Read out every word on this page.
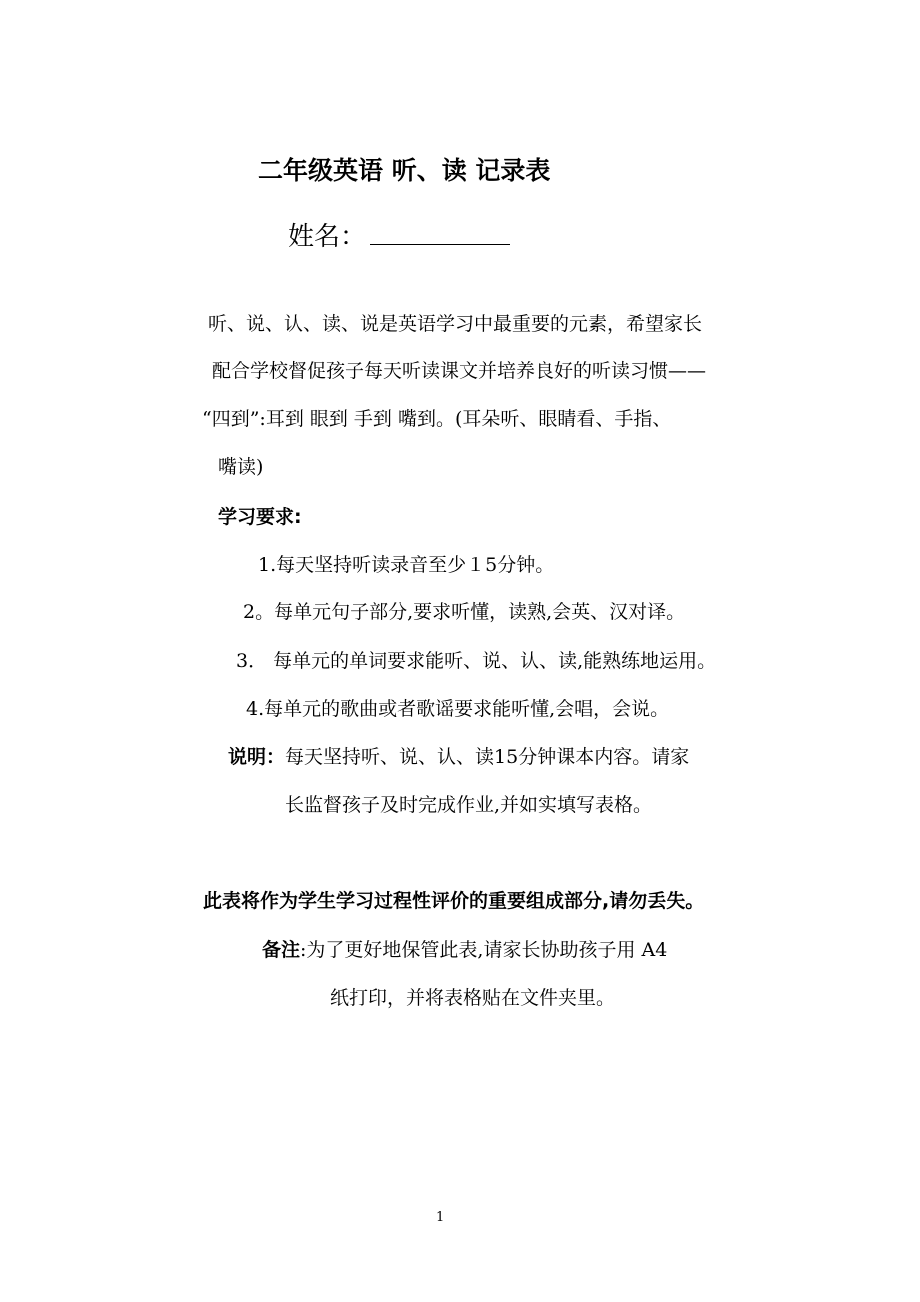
二年级英语 听、读 记录表
姓名：
听、说、认、读、说是英语学习中最重要的元素，希望家长
配合学校督促孩子每天听读课文并培养良好的听读习惯——
“四到”:耳到 眼到 手到 嘴到。(耳朵听、眼睛看、手指、
嘴读)
学习要求:
1.每天坚持听读录音至少１5分钟。
2。每单元句子部分,要求听懂，读熟,会英、汉对译。
3． 每单元的单词要求能听、说、认、读,能熟练地运用。
4.每单元的歌曲或者歌谣要求能听懂,会唱，会说。
说明：每天坚持听、说、认、读15分钟课本内容。请家
长监督孩子及时完成作业,并如实填写表格。
此表将作为学生学习过程性评价的重要组成部分,请勿丢失。
备注:为了更好地保管此表,请家长协助孩子用 A4
纸打印，并将表格贴在文件夹里。
1
